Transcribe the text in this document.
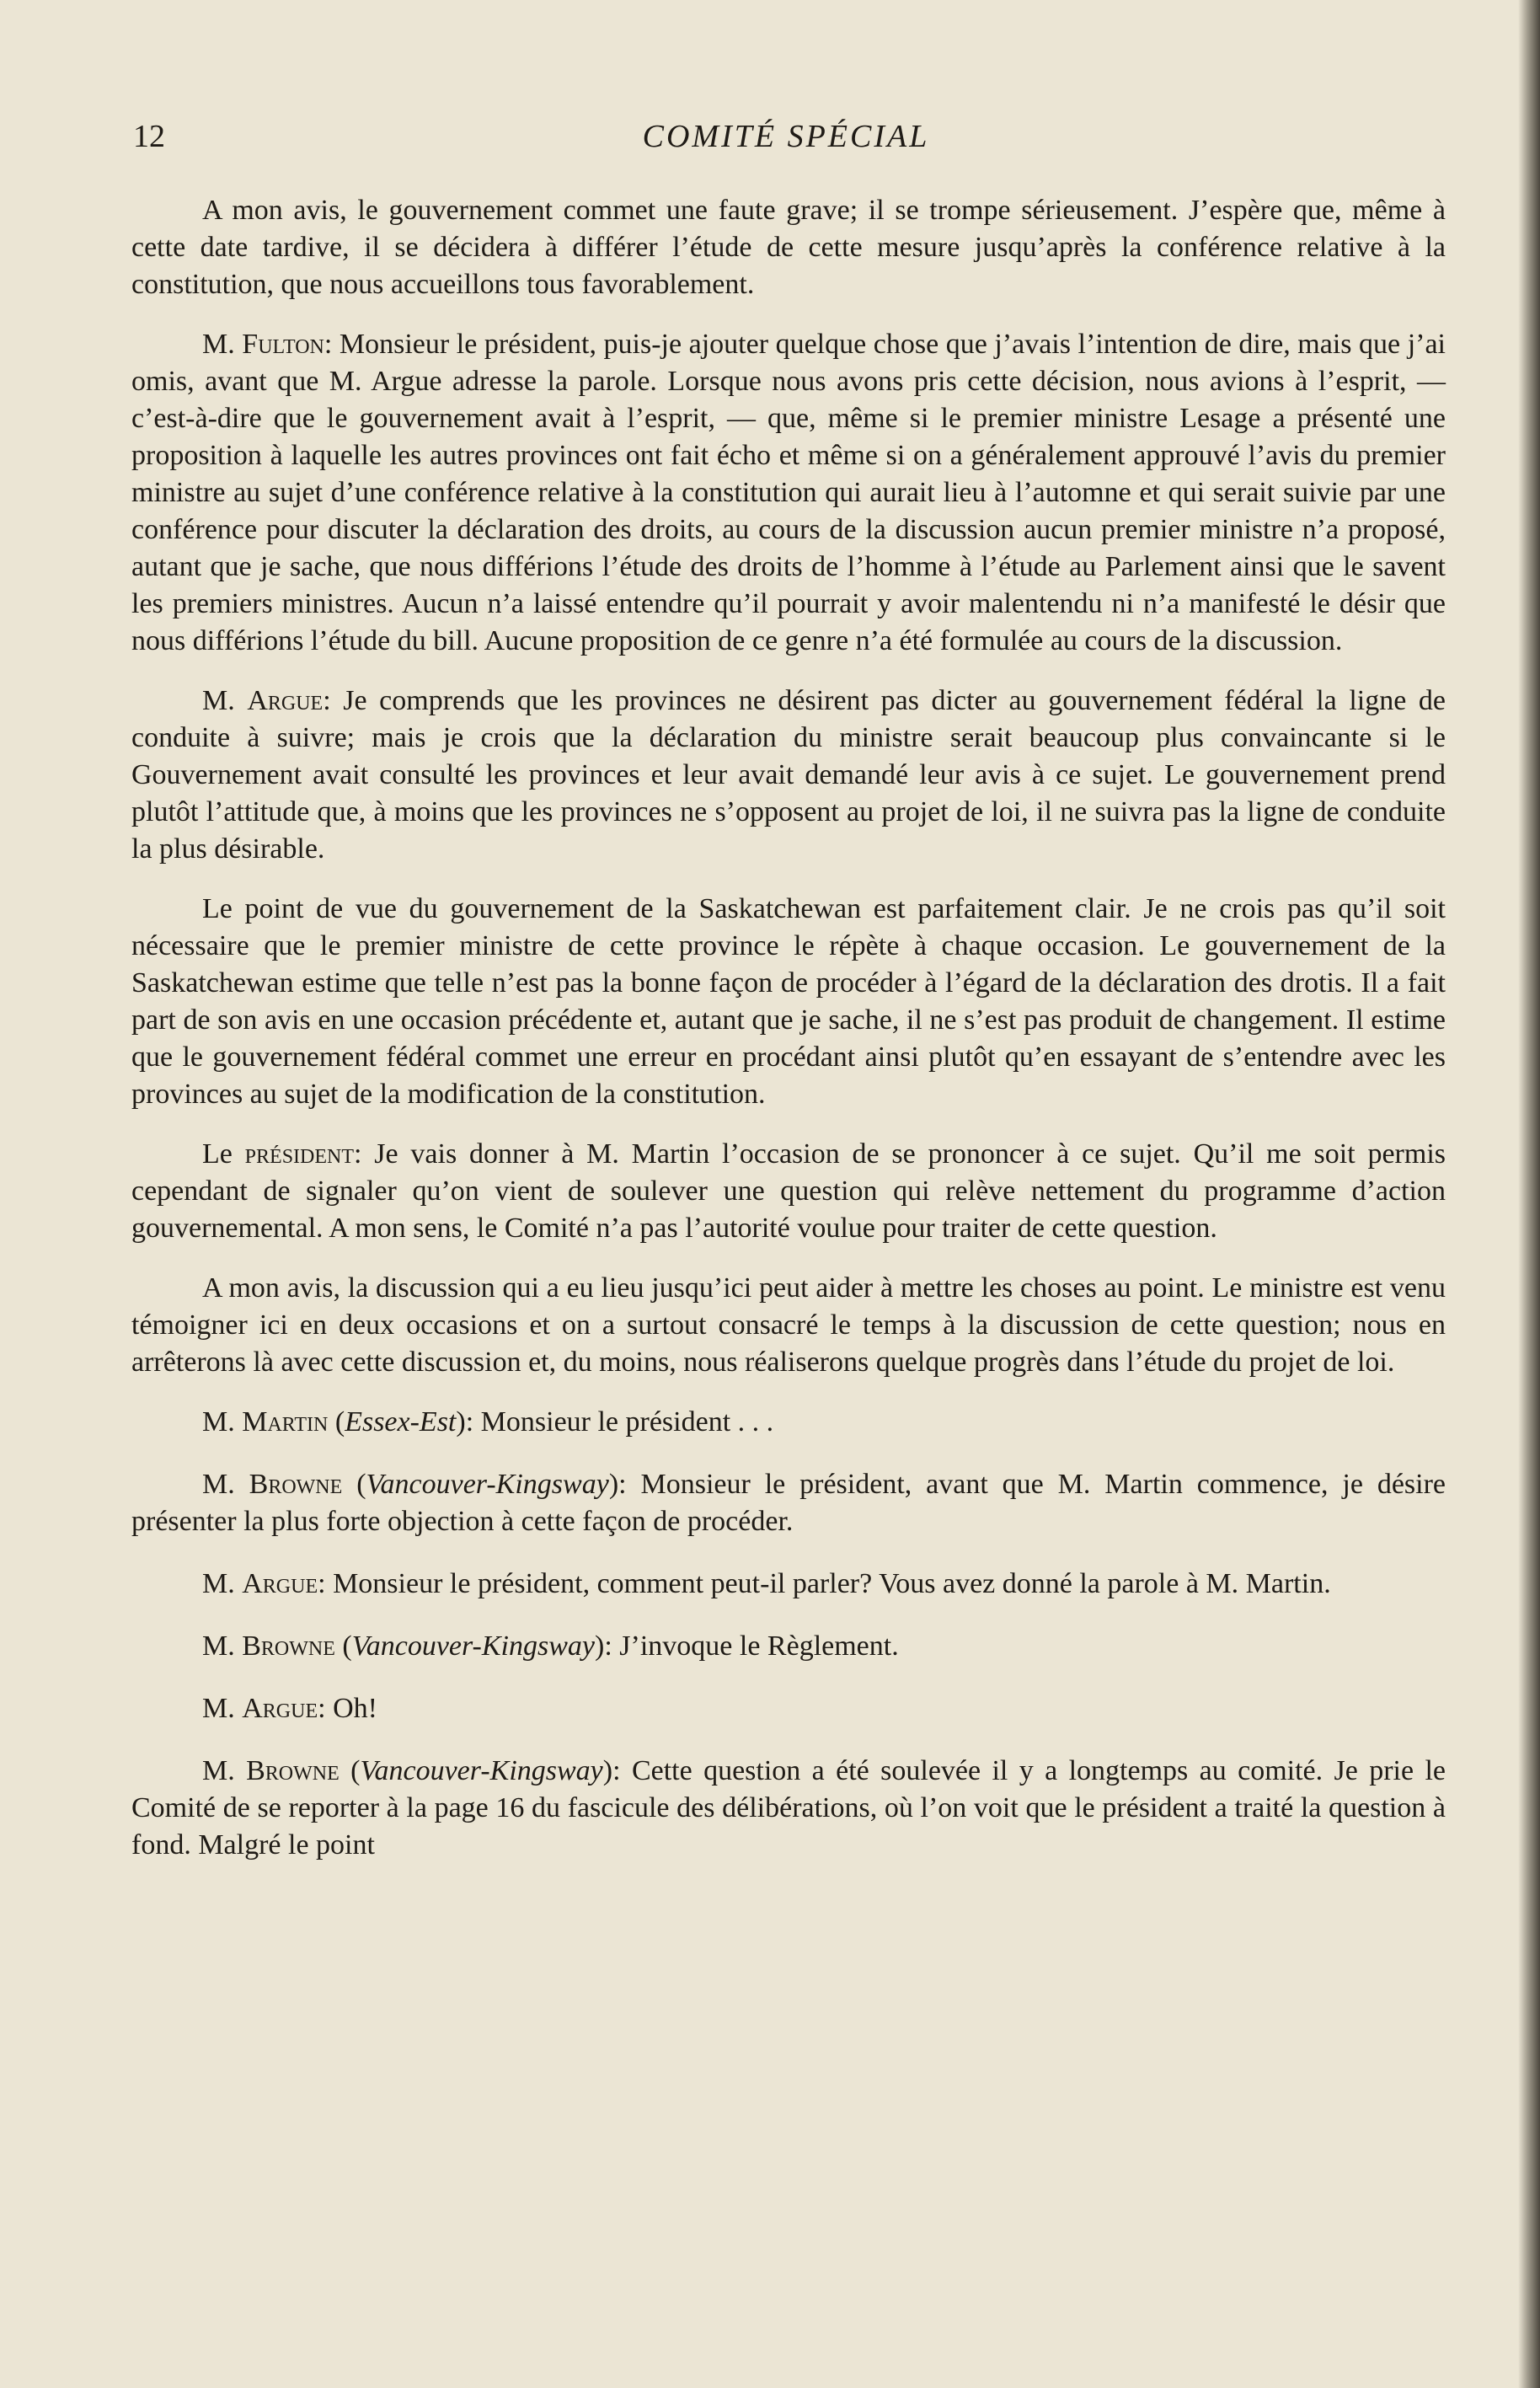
12	COMITÉ SPÉCIAL

A mon avis, le gouvernement commet une faute grave; il se trompe sérieusement. J’espère que, même à cette date tardive, il se décidera à différer l’étude de cette mesure jusqu’après la conférence relative à la constitution, que nous accueillons tous favorablement.

M. Fulton: Monsieur le président, puis-je ajouter quelque chose que j’avais l’intention de dire, mais que j’ai omis, avant que M. Argue adresse la parole. Lorsque nous avons pris cette décision, nous avions à l’esprit, — c’est-à-dire que le gouvernement avait à l’esprit, — que, même si le premier ministre Lesage a présenté une proposition à laquelle les autres provinces ont fait écho et même si on a généralement approuvé l’avis du premier ministre au sujet d’une conférence relative à la constitution qui aurait lieu à l’automne et qui serait suivie par une conférence pour discuter la déclaration des droits, au cours de la discussion aucun premier ministre n’a proposé, autant que je sache, que nous différions l’étude des droits de l’homme à l’étude au Parlement ainsi que le savent les premiers ministres. Aucun n’a laissé entendre qu’il pourrait y avoir malentendu ni n’a manifesté le désir que nous différions l’étude du bill. Aucune proposition de ce genre n’a été formulée au cours de la discussion.

M. Argue: Je comprends que les provinces ne désirent pas dicter au gouvernement fédéral la ligne de conduite à suivre; mais je crois que la déclaration du ministre serait beaucoup plus convaincante si le Gouvernement avait consulté les provinces et leur avait demandé leur avis à ce sujet. Le gouvernement prend plutôt l’attitude que, à moins que les provinces ne s’opposent au projet de loi, il ne suivra pas la ligne de conduite la plus désirable.

Le point de vue du gouvernement de la Saskatchewan est parfaitement clair. Je ne crois pas qu’il soit nécessaire que le premier ministre de cette province le répète à chaque occasion. Le gouvernement de la Saskatchewan estime que telle n’est pas la bonne façon de procéder à l’égard de la déclaration des drotis. Il a fait part de son avis en une occasion précédente et, autant que je sache, il ne s’est pas produit de changement. Il estime que le gouvernement fédéral commet une erreur en procédant ainsi plutôt qu’en essayant de s’entendre avec les provinces au sujet de la modification de la constitution.

Le président: Je vais donner à M. Martin l’occasion de se prononcer à ce sujet. Qu’il me soit permis cependant de signaler qu’on vient de soulever une question qui relève nettement du programme d’action gouvernemental. A mon sens, le Comité n’a pas l’autorité voulue pour traiter de cette question.

A mon avis, la discussion qui a eu lieu jusqu’ici peut aider à mettre les choses au point. Le ministre est venu témoigner ici en deux occasions et on a surtout consacré le temps à la discussion de cette question; nous en arrêterons là avec cette discussion et, du moins, nous réaliserons quelque progrès dans l’étude du projet de loi.

M. Martin (Essex-Est): Monsieur le président . . .

M. Browne (Vancouver-Kingsway): Monsieur le président, avant que M. Martin commence, je désire présenter la plus forte objection à cette façon de procéder.

M. Argue: Monsieur le président, comment peut-il parler? Vous avez donné la parole à M. Martin.

M. Browne (Vancouver-Kingsway): J’invoque le Règlement.

M. Argue: Oh!

M. Browne (Vancouver-Kingsway): Cette question a été soulevée il y a longtemps au comité. Je prie le Comité de se reporter à la page 16 du fascicule des délibérations, où l’on voit que le président a traité la question à fond. Malgré le point
